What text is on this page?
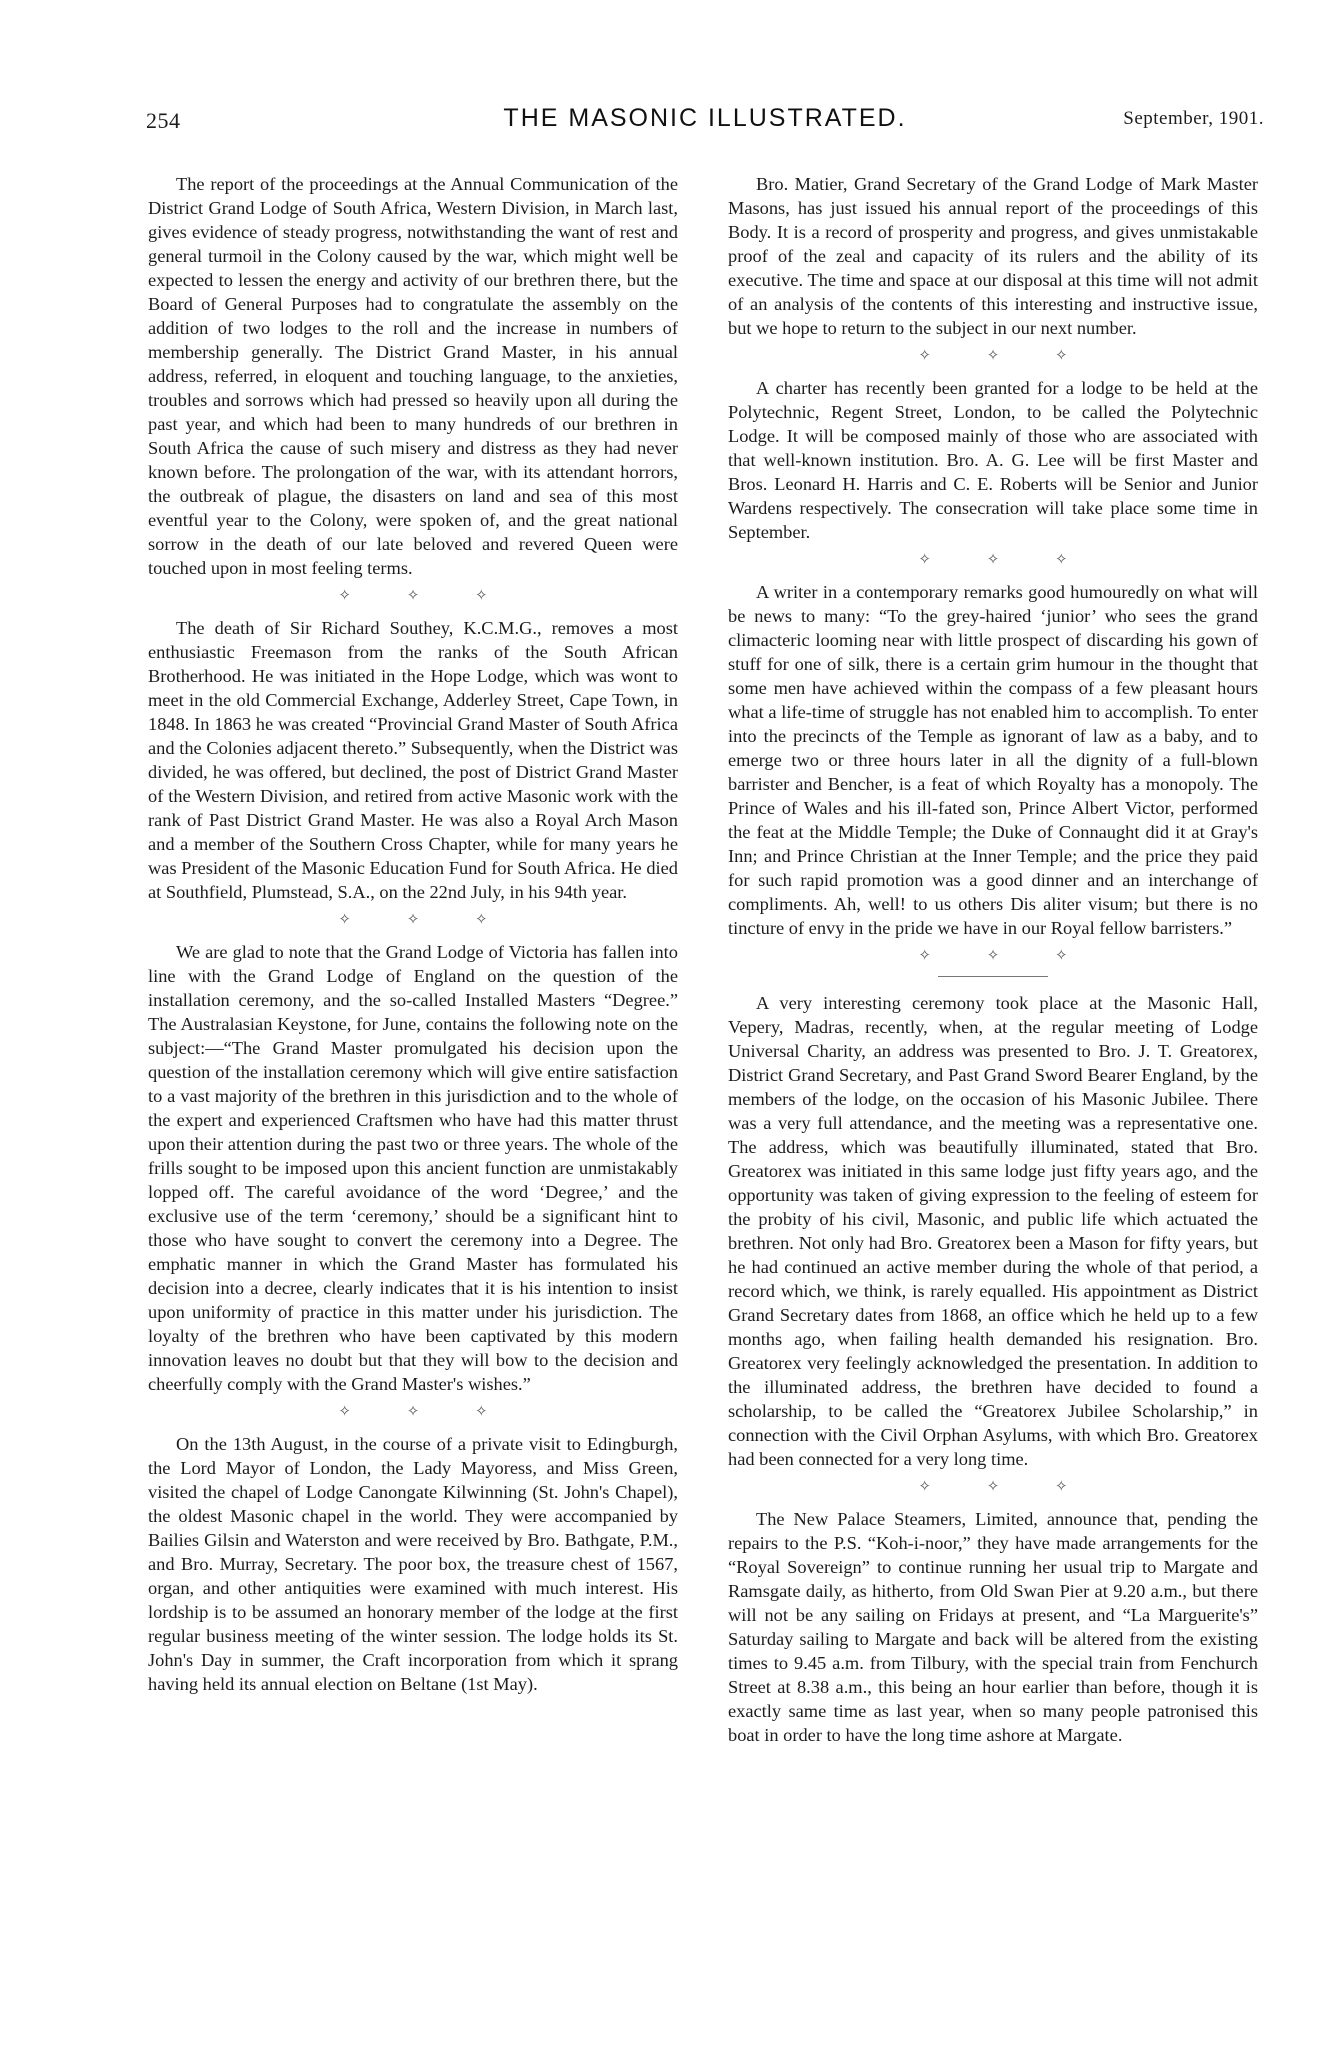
254	THE MASONIC ILLUSTRATED.	September, 1901.

The report of the proceedings at the Annual Communication of the District Grand Lodge of South Africa, Western Division, in March last, gives evidence of steady progress, notwithstanding the want of rest and general turmoil in the Colony caused by the war, which might well be expected to lessen the energy and activity of our brethren there, but the Board of General Purposes had to congratulate the assembly on the addition of two lodges to the roll and the increase in numbers of membership generally. The District Grand Master, in his annual address, referred, in eloquent and touching language, to the anxieties, troubles and sorrows which had pressed so heavily upon all during the past year, and which had been to many hundreds of our brethren in South Africa the cause of such misery and distress as they had never known before. The prolongation of the war, with its attendant horrors, the outbreak of plague, the disasters on land and sea of this most eventful year to the Colony, were spoken of, and the great national sorrow in the death of our late beloved and revered Queen were touched upon in most feeling terms.

✧ ✧ ✧

The death of Sir Richard Southey, K.C.M.G., removes a most enthusiastic Freemason from the ranks of the South African Brotherhood. He was initiated in the Hope Lodge, which was wont to meet in the old Commercial Exchange, Adderley Street, Cape Town, in 1848. In 1863 he was created “Provincial Grand Master of South Africa and the Colonies adjacent thereto.” Subsequently, when the District was divided, he was offered, but declined, the post of District Grand Master of the Western Division, and retired from active Masonic work with the rank of Past District Grand Master. He was also a Royal Arch Mason and a member of the Southern Cross Chapter, while for many years he was President of the Masonic Education Fund for South Africa. He died at Southfield, Plumstead, S.A., on the 22nd July, in his 94th year.

✧ ✧ ✧

We are glad to note that the Grand Lodge of Victoria has fallen into line with the Grand Lodge of England on the question of the installation ceremony, and the so-called Installed Masters “Degree.” The Australasian Keystone, for June, contains the following note on the subject:—“The Grand Master promulgated his decision upon the question of the installation ceremony which will give entire satisfaction to a vast majority of the brethren in this jurisdiction and to the whole of the expert and experienced Craftsmen who have had this matter thrust upon their attention during the past two or three years. The whole of the frills sought to be imposed upon this ancient function are unmistakably lopped off. The careful avoidance of the word ‘Degree,’ and the exclusive use of the term ‘ceremony,’ should be a significant hint to those who have sought to convert the ceremony into a Degree. The emphatic manner in which the Grand Master has formulated his decision into a decree, clearly indicates that it is his intention to insist upon uniformity of practice in this matter under his jurisdiction. The loyalty of the brethren who have been captivated by this modern innovation leaves no doubt but that they will bow to the decision and cheerfully comply with the Grand Master's wishes.”

✧ ✧ ✧

On the 13th August, in the course of a private visit to Edingburgh, the Lord Mayor of London, the Lady Mayoress, and Miss Green, visited the chapel of Lodge Canongate Kilwinning (St. John's Chapel), the oldest Masonic chapel in the world. They were accompanied by Bailies Gilsin and Waterston and were received by Bro. Bathgate, P.M., and Bro. Murray, Secretary. The poor box, the treasure chest of 1567, organ, and other antiquities were examined with much interest. His lordship is to be assumed an honorary member of the lodge at the first regular business meeting of the winter session. The lodge holds its St. John's Day in summer, the Craft incorporation from which it sprang having held its annual election on Beltane (1st May).

Bro. Matier, Grand Secretary of the Grand Lodge of Mark Master Masons, has just issued his annual report of the proceedings of this Body. It is a record of prosperity and progress, and gives unmistakable proof of the zeal and capacity of its rulers and the ability of its executive. The time and space at our disposal at this time will not admit of an analysis of the contents of this interesting and instructive issue, but we hope to return to the subject in our next number.

✧ ✧ ✧

A charter has recently been granted for a lodge to be held at the Polytechnic, Regent Street, London, to be called the Polytechnic Lodge. It will be composed mainly of those who are associated with that well-known institution. Bro. A. G. Lee will be first Master and Bros. Leonard H. Harris and C. E. Roberts will be Senior and Junior Wardens respectively. The consecration will take place some time in September.

✧ ✧ ✧

A writer in a contemporary remarks good humouredly on what will be news to many: “To the grey-haired ‘junior’ who sees the grand climacteric looming near with little prospect of discarding his gown of stuff for one of silk, there is a certain grim humour in the thought that some men have achieved within the compass of a few pleasant hours what a life-time of struggle has not enabled him to accomplish. To enter into the precincts of the Temple as ignorant of law as a baby, and to emerge two or three hours later in all the dignity of a full-blown barrister and Bencher, is a feat of which Royalty has a monopoly. The Prince of Wales and his ill-fated son, Prince Albert Victor, performed the feat at the Middle Temple; the Duke of Connaught did it at Gray's Inn; and Prince Christian at the Inner Temple; and the price they paid for such rapid promotion was a good dinner and an interchange of compliments. Ah, well! to us others Dis aliter visum; but there is no tincture of envy in the pride we have in our Royal fellow barristers.”

✧ ✧ ✧

A very interesting ceremony took place at the Masonic Hall, Vepery, Madras, recently, when, at the regular meeting of Lodge Universal Charity, an address was presented to Bro. J. T. Greatorex, District Grand Secretary, and Past Grand Sword Bearer England, by the members of the lodge, on the occasion of his Masonic Jubilee. There was a very full attendance, and the meeting was a representative one. The address, which was beautifully illuminated, stated that Bro. Greatorex was initiated in this same lodge just fifty years ago, and the opportunity was taken of giving expression to the feeling of esteem for the probity of his civil, Masonic, and public life which actuated the brethren. Not only had Bro. Greatorex been a Mason for fifty years, but he had continued an active member during the whole of that period, a record which, we think, is rarely equalled. His appointment as District Grand Secretary dates from 1868, an office which he held up to a few months ago, when failing health demanded his resignation. Bro. Greatorex very feelingly acknowledged the presentation. In addition to the illuminated address, the brethren have decided to found a scholarship, to be called the “Greatorex Jubilee Scholarship,” in connection with the Civil Orphan Asylums, with which Bro. Greatorex had been connected for a very long time.

✧ ✧ ✧

The New Palace Steamers, Limited, announce that, pending the repairs to the P.S. “Koh-i-noor,” they have made arrangements for the “Royal Sovereign” to continue running her usual trip to Margate and Ramsgate daily, as hitherto, from Old Swan Pier at 9.20 a.m., but there will not be any sailing on Fridays at present, and “La Marguerite's” Saturday sailing to Margate and back will be altered from the existing times to 9.45 a.m. from Tilbury, with the special train from Fenchurch Street at 8.38 a.m., this being an hour earlier than before, though it is exactly same time as last year, when so many people patronised this boat in order to have the long time ashore at Margate.
